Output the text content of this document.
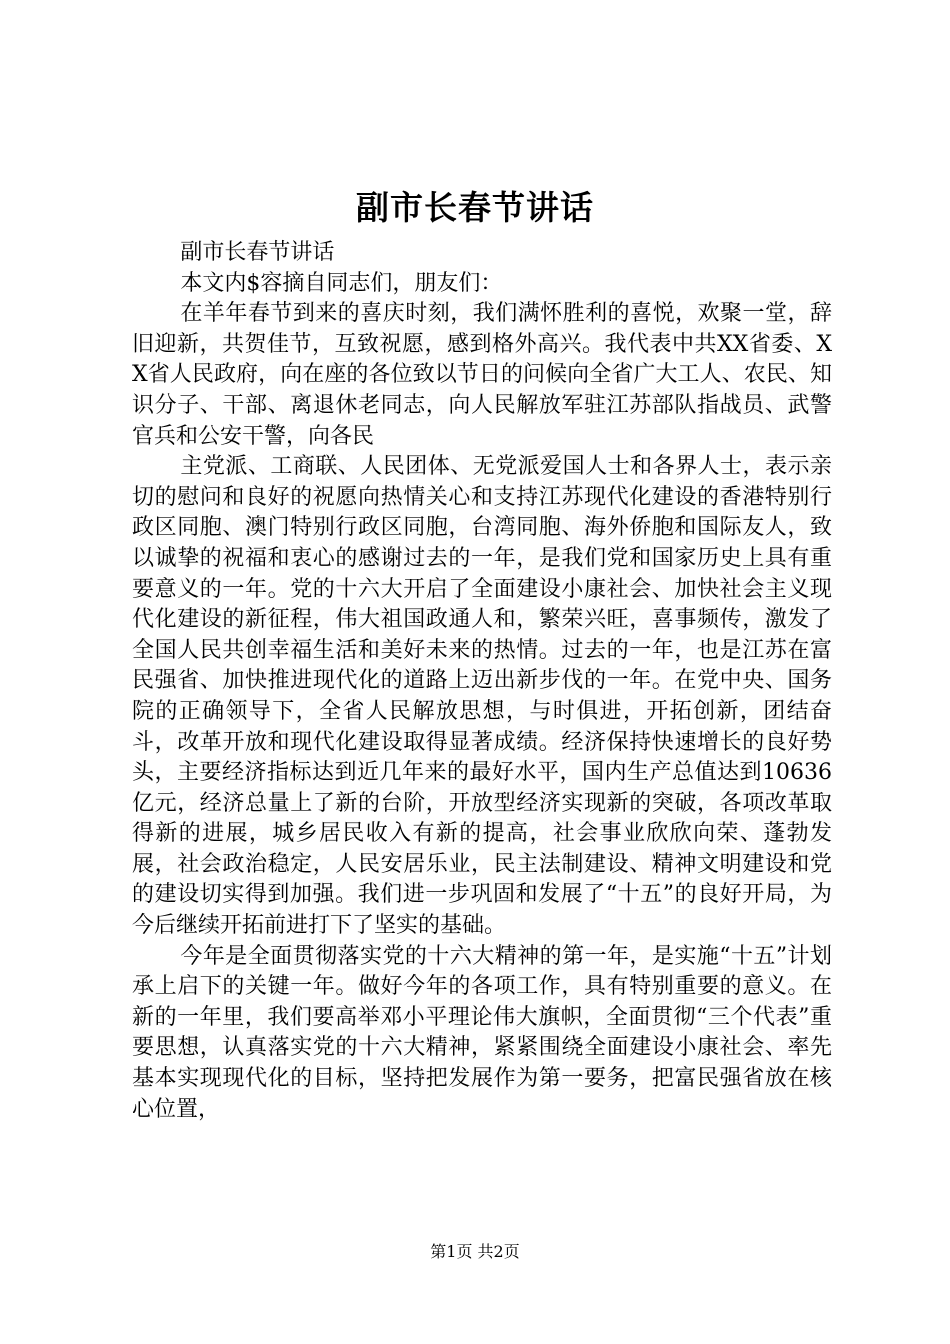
副市长春节讲话

副市长春节讲话

本文内$容摘自同志们，朋友们：

在羊年春节到来的喜庆时刻，我们满怀胜利的喜悦，欢聚一堂，辞旧迎新，共贺佳节，互致祝愿，感到格外高兴。我代表中共XX省委、XX省人民政府，向在座的各位致以节日的问候向全省广大工人、农民、知识分子、干部、离退休老同志，向人民解放军驻江苏部队指战员、武警官兵和公安干警，向各民

主党派、工商联、人民团体、无党派爱国人士和各界人士，表示亲切的慰问和良好的祝愿向热情关心和支持江苏现代化建设的香港特别行政区同胞、澳门特别行政区同胞，台湾同胞、海外侨胞和国际友人，致以诚挚的祝福和衷心的感谢过去的一年，是我们党和国家历史上具有重要意义的一年。党的十六大开启了全面建设小康社会、加快社会主义现代化建设的新征程，伟大祖国政通人和，繁荣兴旺，喜事频传，激发了全国人民共创幸福生活和美好未来的热情。过去的一年，也是江苏在富民强省、加快推进现代化的道路上迈出新步伐的一年。在党中央、国务院的正确领导下，全省人民解放思想，与时俱进，开拓创新，团结奋斗，改革开放和现代化建设取得显著成绩。经济保持快速增长的良好势头，主要经济指标达到近几年来的最好水平，国内生产总值达到10636亿元，经济总量上了新的台阶，开放型经济实现新的突破，各项改革取得新的进展，城乡居民收入有新的提高，社会事业欣欣向荣、蓬勃发展，社会政治稳定，人民安居乐业，民主法制建设、精神文明建设和党的建设切实得到加强。我们进一步巩固和发展了“十五”的良好开局，为今后继续开拓前进打下了坚实的基础。

今年是全面贯彻落实党的十六大精神的第一年，是实施“十五”计划承上启下的关键一年。做好今年的各项工作，具有特别重要的意义。在新的一年里，我们要高举邓小平理论伟大旗帜，全面贯彻“三个代表”重要思想，认真落实党的十六大精神，紧紧围绕全面建设小康社会、率先基本实现现代化的目标，坚持把发展作为第一要务，把富民强省放在核心位置，

第1页 共2页
